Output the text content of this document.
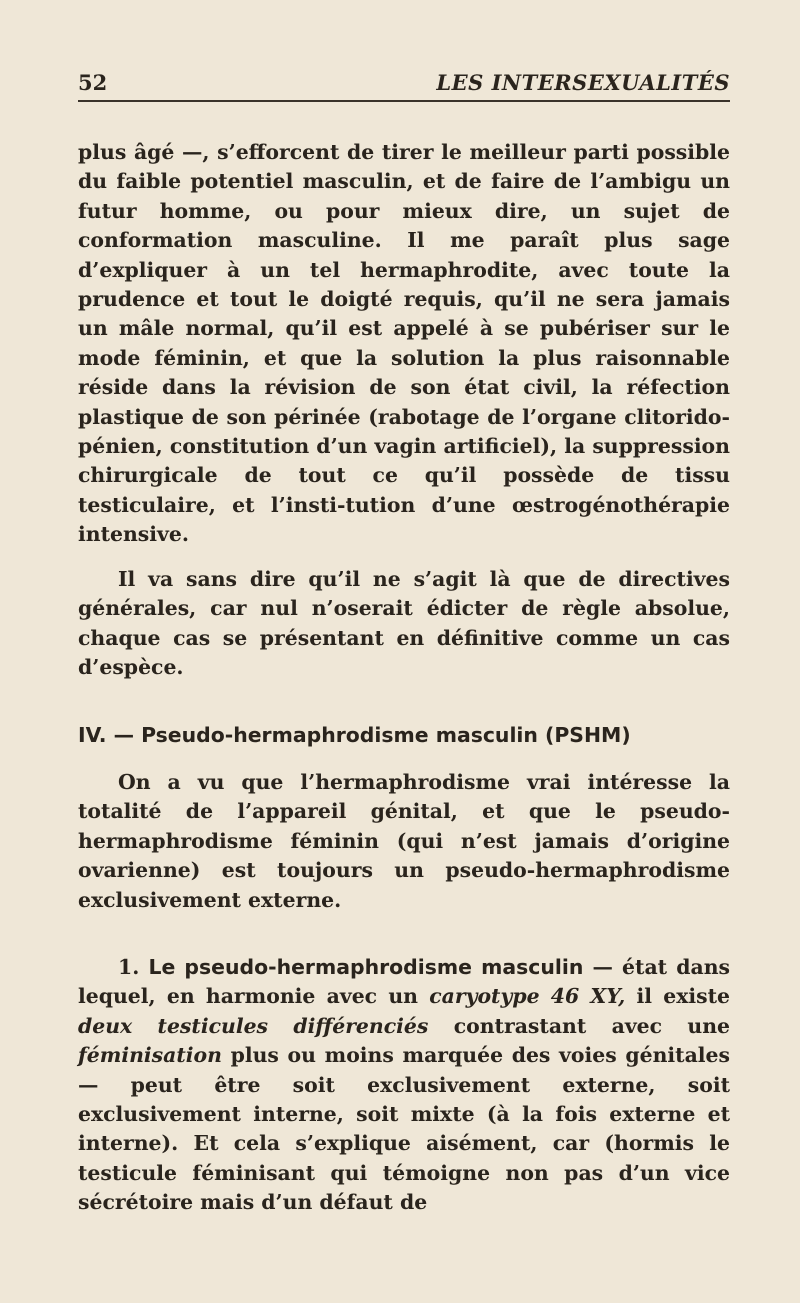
52	LES INTERSEXUALITÉS

plus âgé —, s’efforcent de tirer le meilleur parti possible du faible potentiel masculin, et de faire de l’ambigu un futur homme, ou pour mieux dire, un sujet de conformation masculine. Il me paraît plus sage d’expliquer à un tel hermaphrodite, avec toute la prudence et tout le doigté requis, qu’il ne sera jamais un mâle normal, qu’il est appelé à se pubériser sur le mode féminin, et que la solution la plus raisonnable réside dans la révision de son état civil, la réfection plastique de son périnée (rabotage de l’organe clitorido-pénien, constitution d’un vagin artificiel), la suppression chirurgicale de tout ce qu’il possède de tissu testiculaire, et l’insti-tution d’une œstrogénothérapie intensive.

Il va sans dire qu’il ne s’agit là que de directives générales, car nul n’oserait édicter de règle absolue, chaque cas se présentant en définitive comme un cas d’espèce.

IV. — Pseudo-hermaphrodisme masculin (PSHM)

On a vu que l’hermaphrodisme vrai intéresse la totalité de l’appareil génital, et que le pseudo-hermaphrodisme féminin (qui n’est jamais d’origine ovarienne) est toujours un pseudo-hermaphrodisme exclusivement externe.

1. Le pseudo-hermaphrodisme masculin — état dans lequel, en harmonie avec un caryotype 46 XY, il existe deux testicules différenciés contrastant avec une féminisation plus ou moins marquée des voies génitales — peut être soit exclusivement externe, soit exclusivement interne, soit mixte (à la fois externe et interne). Et cela s’explique aisément, car (hormis le testicule féminisant qui témoigne non pas d’un vice sécrétoire mais d’un défaut de
